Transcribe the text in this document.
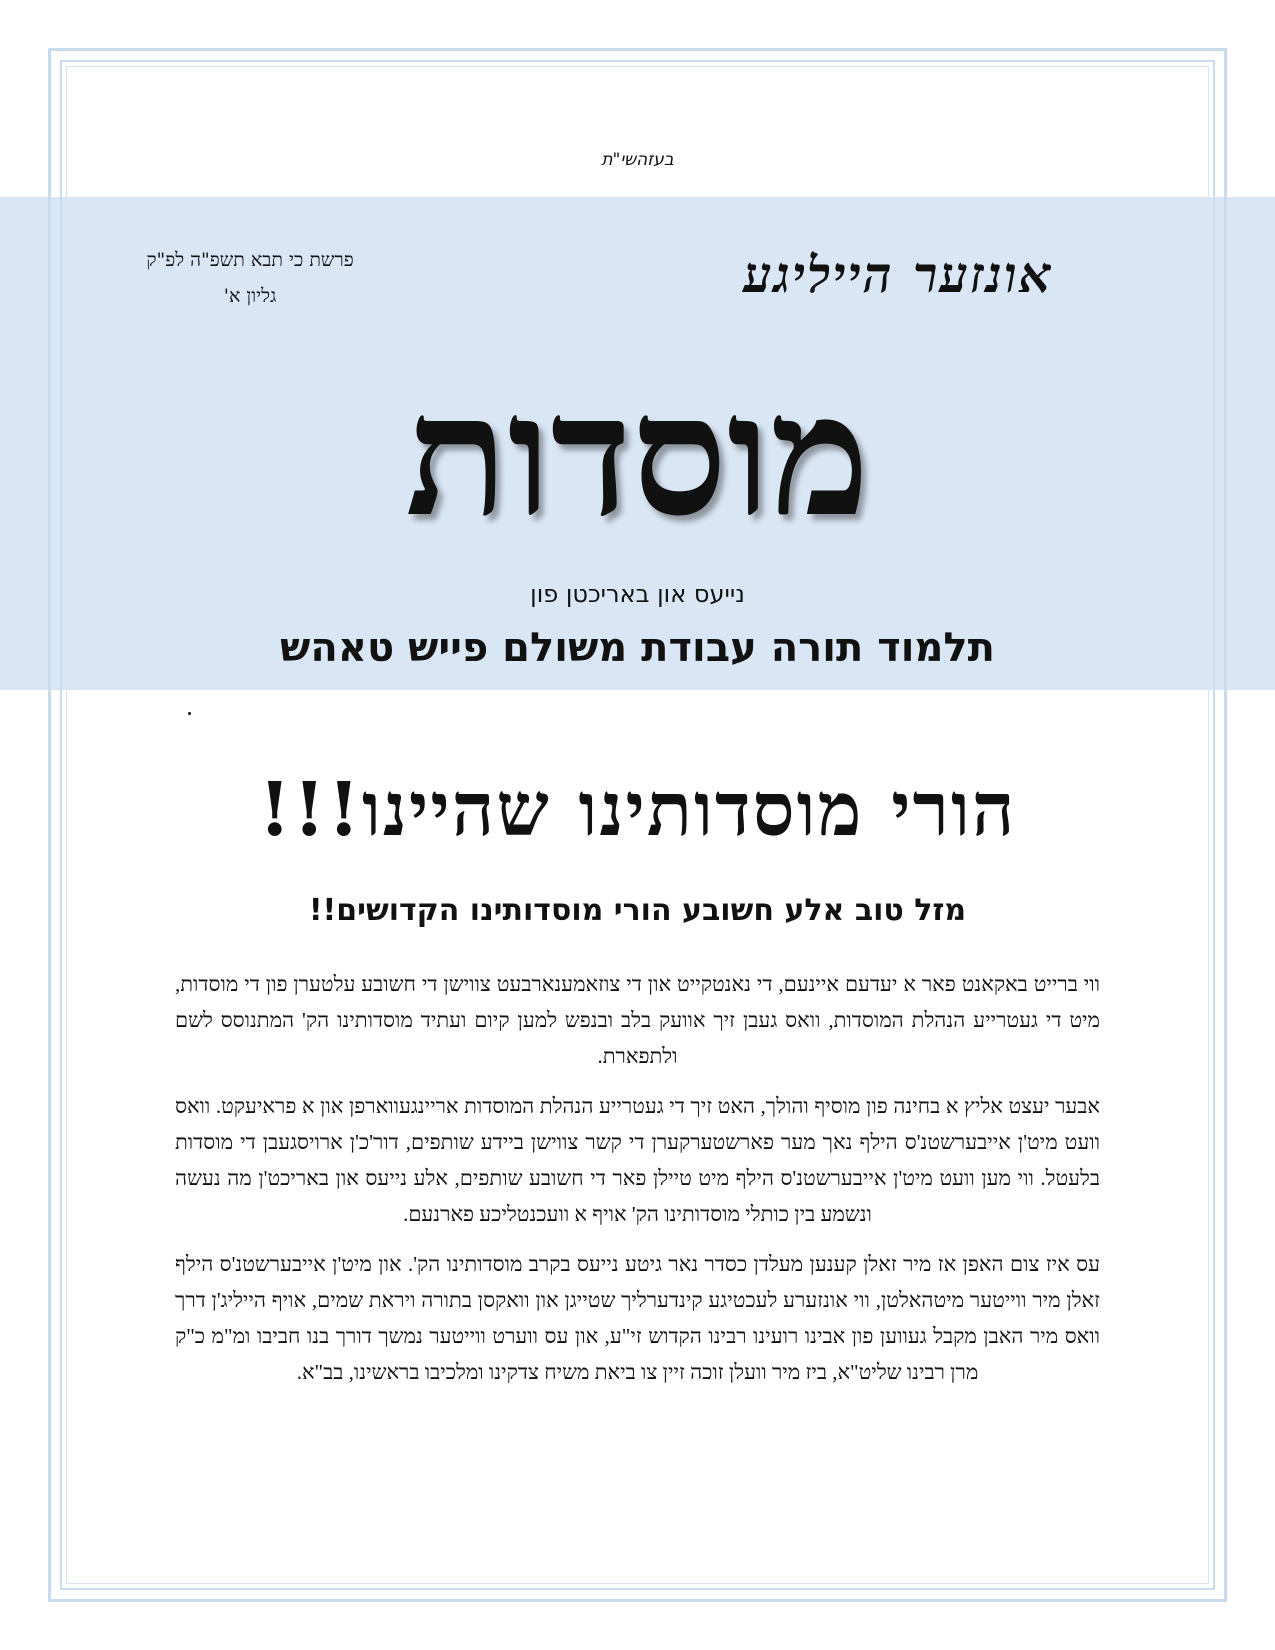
בעזהשי"ת
אונזער הייליגע
פרשת כי תבא תשפ"ה לפ"ק
גליון א'
מוסדות
נייעס און באריכטן פון
תלמוד תורה עבודת משולם פייש טאהש
הורי מוסדותינו שהיינו!!!
מזל טוב אלע חשובע הורי מוסדותינו הקדושים!!

ווי ברייט באקאנט פאר א יעדעם איינעם, די נאנטקייט און די צוזאמענארבעט צווישן די חשובע עלטערן פון די מוסדות, מיט די געטרייע הנהלת המוסדות, וואס געבן זיך אוועק בלב ובנפש למען קיום ועתיד מוסדותינו הק' המתנוסס לשם ולתפארת.

אבער יעצט אליץ א בחינה פון מוסיף והולך, האט זיך די געטרייע הנהלת המוסדות אריינגעווארפן און א פראיעקט. וואס וועט מיט'ן אייבערשטנ'ס הילף נאך מער פארשטערקערן די קשר צווישן ביידע שותפים, דור'כ'ן ארויסגעבן די מוסדות בלעטל. ווי מען וועט מיט'ן אייבערשטנ'ס הילף מיט טיילן פאר די חשובע שותפים, אלע נייעס און באריכט'ן מה נעשה ונשמע בין כותלי מוסדותינו הק' אויף א וועכנטליכע פארנעם.

עס איז צום האפן אז מיר זאלן קענען מעלדן כסדר נאר גיטע נייעס בקרב מוסדותינו הק'. און מיט'ן אייבערשטנ'ס הילף זאלן מיר ווייטער מיטהאלטן, ווי אונזערע לעכטיגע קינדערליך שטייגן און וואקסן בתורה ויראת שמים, אויף הייליג'ן דרך וואס מיר האבן מקבל געווען פון אבינו רועינו רבינו הקדוש זי"ע, און עס ווערט ווייטער נמשך דורך בנו חביבו ומ"מ כ"ק מרן רבינו שליט"א, ביז מיר וועלן זוכה זיין צו ביאת משיח צדקינו ומלכיבו בראשינו, בב"א.
